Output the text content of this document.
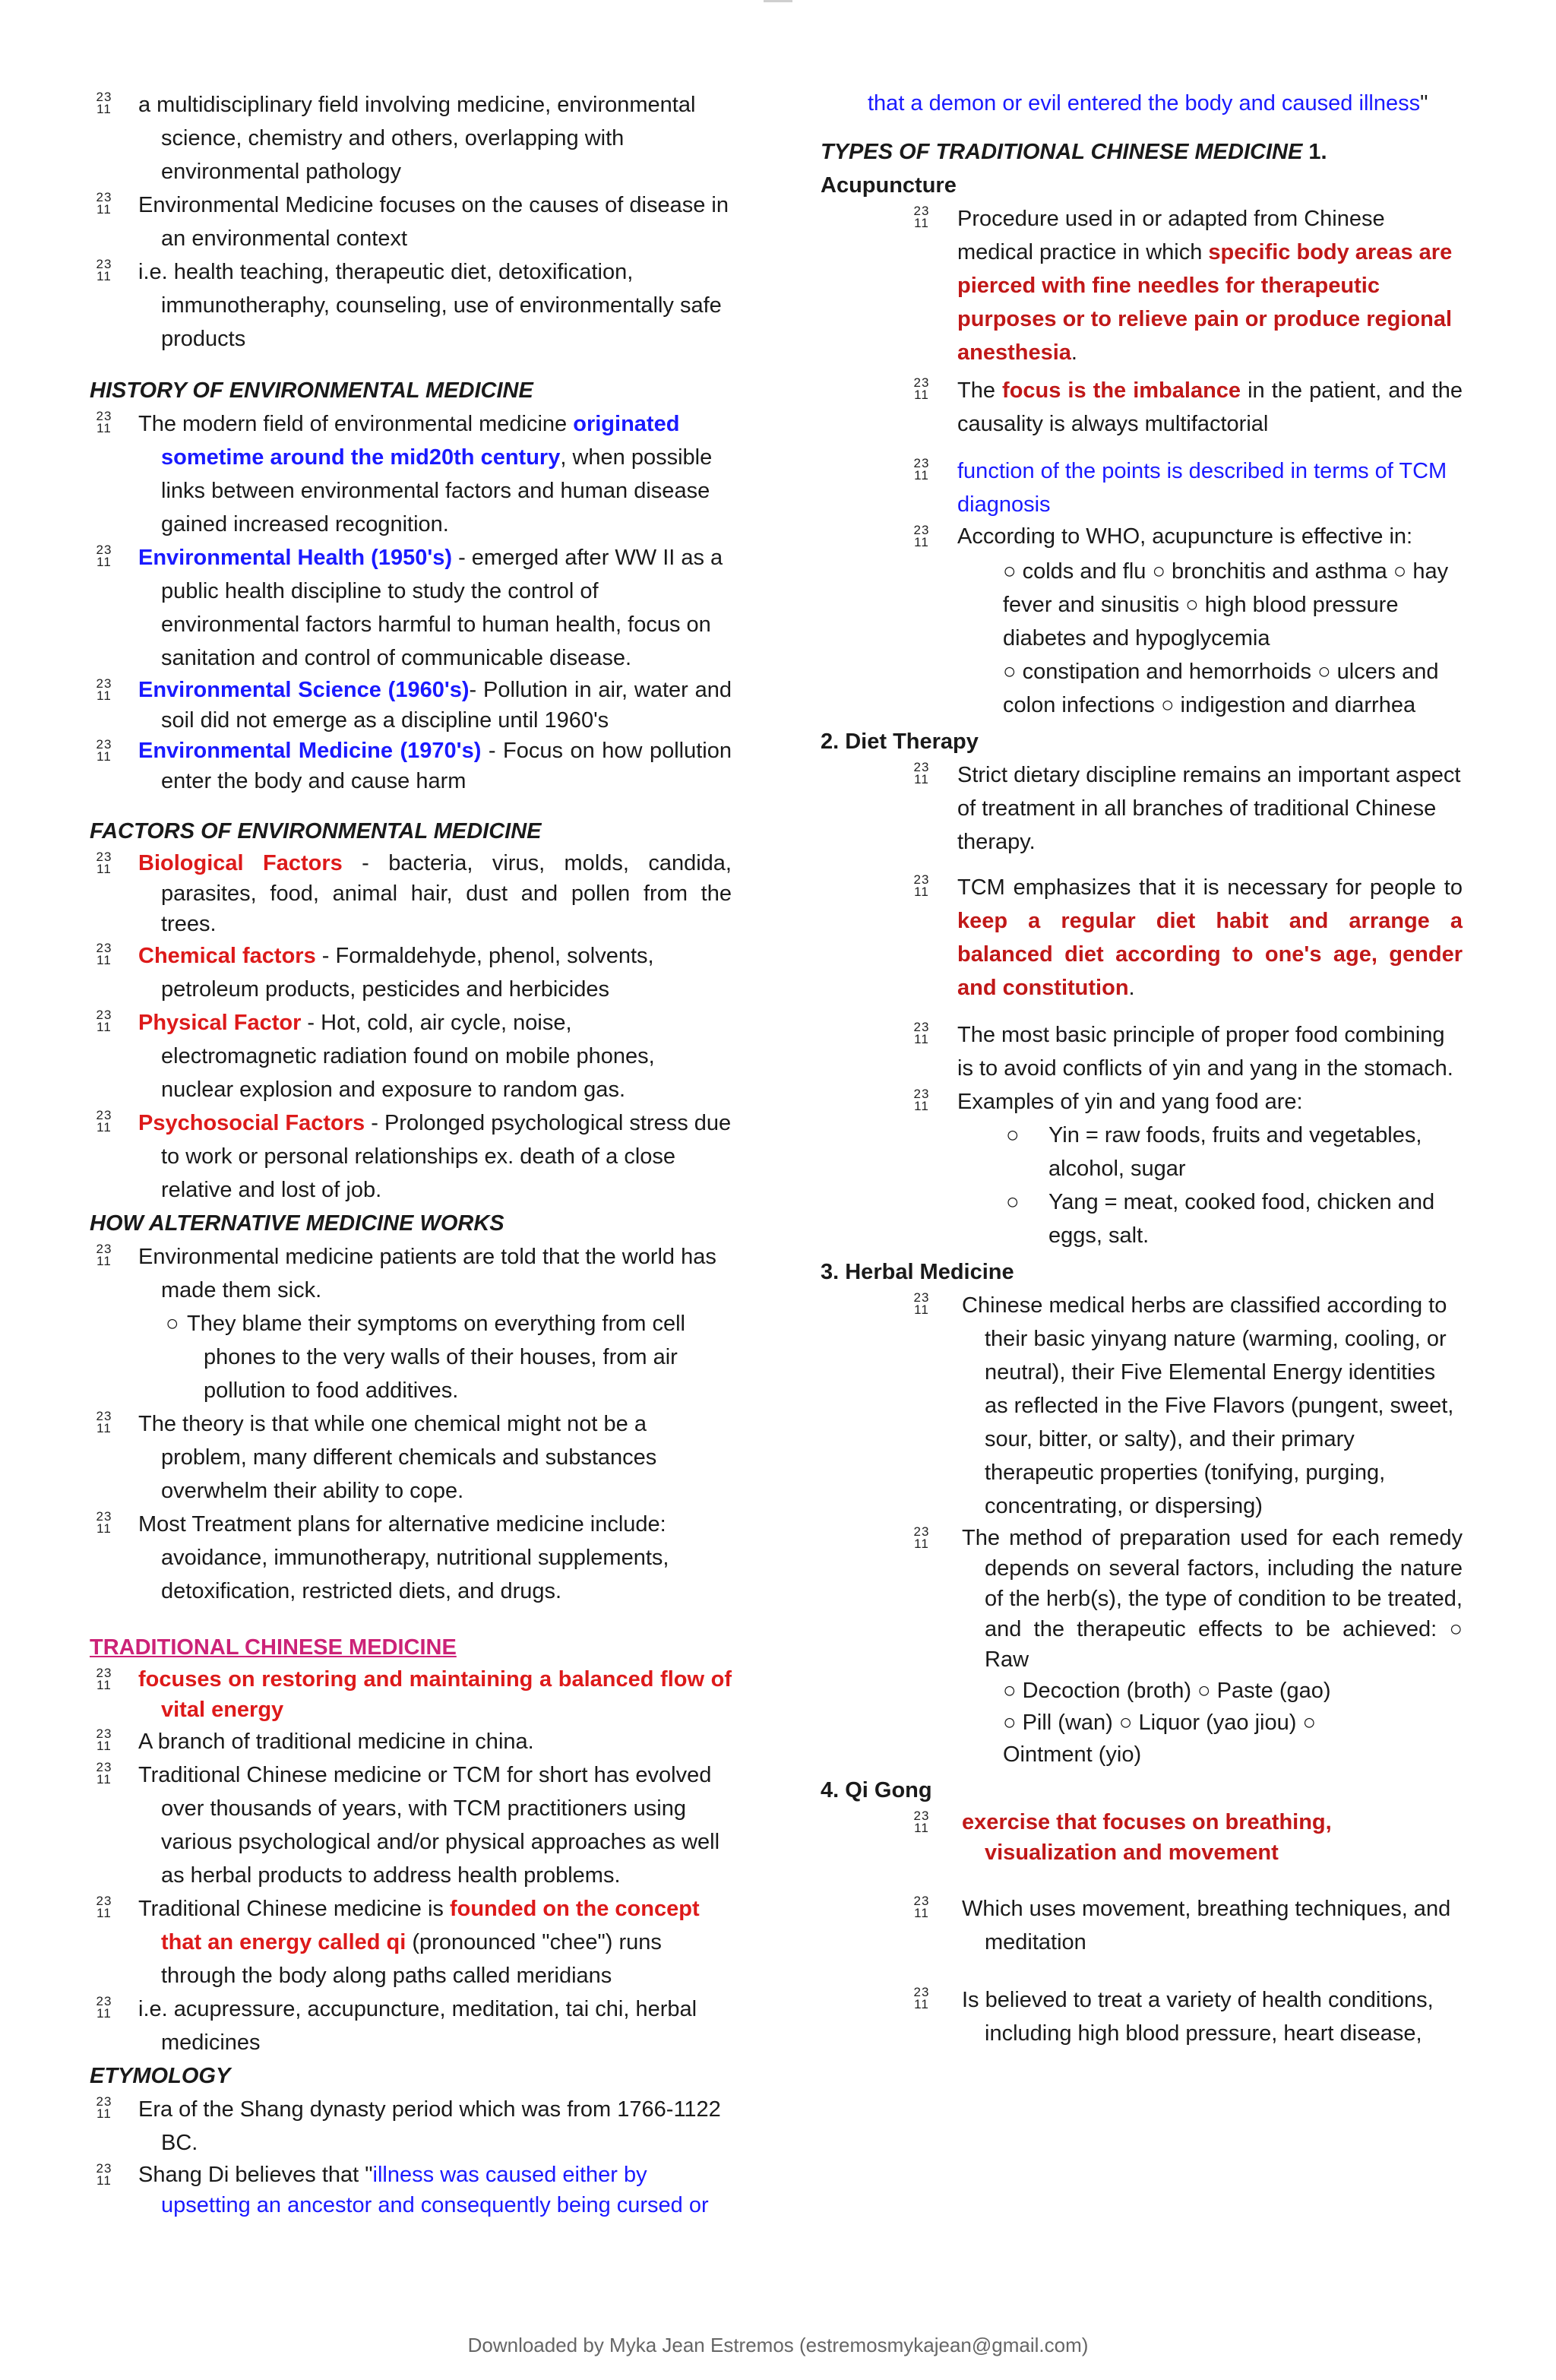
23
11 a multidisciplinary field involving medicine, environmental science, chemistry and others, overlapping with environmental pathology
23
11 Environmental Medicine focuses on the causes of disease in an environmental context
23
11 i.e. health teaching, therapeutic diet, detoxification, immunotheraphy, counseling, use of environmentally safe products
HISTORY OF ENVIRONMENTAL MEDICINE
23
11 The modern field of environmental medicine originated sometime around the mid20th century, when possible links between environmental factors and human disease gained increased recognition.
23
11 Environmental Health (1950's) - emerged after WW II as a public health discipline to study the control of environmental factors harmful to human health, focus on sanitation and control of communicable disease.
23
11 Environmental Science (1960's)- Pollution in air, water and soil did not emerge as a discipline until 1960's
23
11 Environmental Medicine (1970's) - Focus on how pollution enter the body and cause harm
FACTORS OF ENVIRONMENTAL MEDICINE
23
11 Biological Factors - bacteria, virus, molds, candida, parasites, food, animal hair, dust and pollen from the trees.
23
11 Chemical factors - Formaldehyde, phenol, solvents, petroleum products, pesticides and herbicides
23
11 Physical Factor - Hot, cold, air cycle, noise, electromagnetic radiation found on mobile phones, nuclear explosion and exposure to random gas.
23
11 Psychosocial Factors - Prolonged psychological stress due to work or personal relationships ex. death of a close relative and lost of job.
HOW ALTERNATIVE MEDICINE WORKS
23
11 Environmental medicine patients are told that the world has made them sick.
○ They blame their symptoms on everything from cell phones to the very walls of their houses, from air pollution to food additives.
23
11 The theory is that while one chemical might not be a problem, many different chemicals and substances overwhelm their ability to cope.
23
11 Most Treatment plans for alternative medicine include: avoidance, immunotherapy, nutritional supplements, detoxification, restricted diets, and drugs.
TRADITIONAL CHINESE MEDICINE
23
11 focuses on restoring and maintaining a balanced flow of vital energy
23
11 A branch of traditional medicine in china.
23
11 Traditional Chinese medicine or TCM for short has evolved over thousands of years, with TCM practitioners using various psychological and/or physical approaches as well as herbal products to address health problems.
23
11 Traditional Chinese medicine is founded on the concept that an energy called qi (pronounced "chee") runs through the body along paths called meridians
23
11 i.e. acupressure, accupuncture, meditation, tai chi, herbal medicines
ETYMOLOGY
23
11 Era of the Shang dynasty period which was from 1766-1122 BC.
23
11 Shang Di believes that "illness was caused either by upsetting an ancestor and consequently being cursed or
that a demon or evil entered the body and caused illness"
TYPES OF TRADITIONAL CHINESE MEDICINE 1. Acupuncture
23
11 Procedure used in or adapted from Chinese medical practice in which specific body areas are pierced with fine needles for therapeutic purposes or to relieve pain or produce regional anesthesia.
23
11 The focus is the imbalance in the patient, and the causality is always multifactorial
23
11 function of the points is described in terms of TCM diagnosis
23
11 According to WHO, acupuncture is effective in:
○ colds and flu ○ bronchitis and asthma ○ hay fever and sinusitis ○ high blood pressure diabetes and hypoglycemia
○ constipation and hemorrhoids ○ ulcers and colon infections ○ indigestion and diarrhea
2. Diet Therapy
23
11 Strict dietary discipline remains an important aspect of treatment in all branches of traditional Chinese therapy.
23
11 TCM emphasizes that it is necessary for people to keep a regular diet habit and arrange a balanced diet according to one's age, gender and constitution.
23
11 The most basic principle of proper food combining is to avoid conflicts of yin and yang in the stomach.
23
11 Examples of yin and yang food are:
○ Yin = raw foods, fruits and vegetables, alcohol, sugar
○ Yang = meat, cooked food, chicken and eggs, salt.
3. Herbal Medicine
23
11 Chinese medical herbs are classified according to their basic yinyang nature (warming, cooling, or neutral), their Five Elemental Energy identities as reflected in the Five Flavors (pungent, sweet, sour, bitter, or salty), and their primary therapeutic properties (tonifying, purging, concentrating, or dispersing)
23
11 The method of preparation used for each remedy depends on several factors, including the nature of the herb(s), the type of condition to be treated, and the therapeutic effects to be achieved: ○ Raw
○ Decoction (broth) ○ Paste (gao) ○ Pill (wan) ○ Liquor (yao jiou) ○ Ointment (yio)
4. Qi Gong
23
11 exercise that focuses on breathing, visualization and movement
23
11 Which uses movement, breathing techniques, and meditation
23
11 Is believed to treat a variety of health conditions, including high blood pressure, heart disease,
Downloaded by Myka Jean Estremos (estremosmykajean@gmail.com)
